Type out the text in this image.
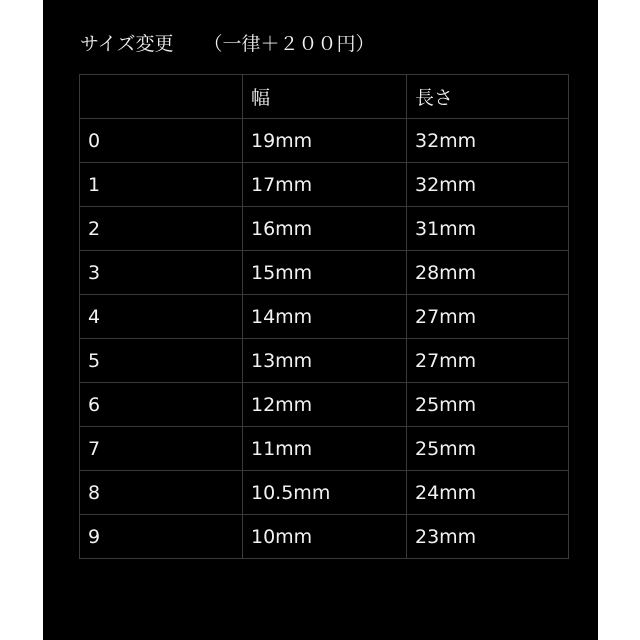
サイズ変更 （一律＋２００円）
	幅	長さ
0	19mm	32mm
1	17mm	32mm
2	16mm	31mm
3	15mm	28mm
4	14mm	27mm
5	13mm	27mm
6	12mm	25mm
7	11mm	25mm
8	10.5mm	24mm
9	10mm	23mm
